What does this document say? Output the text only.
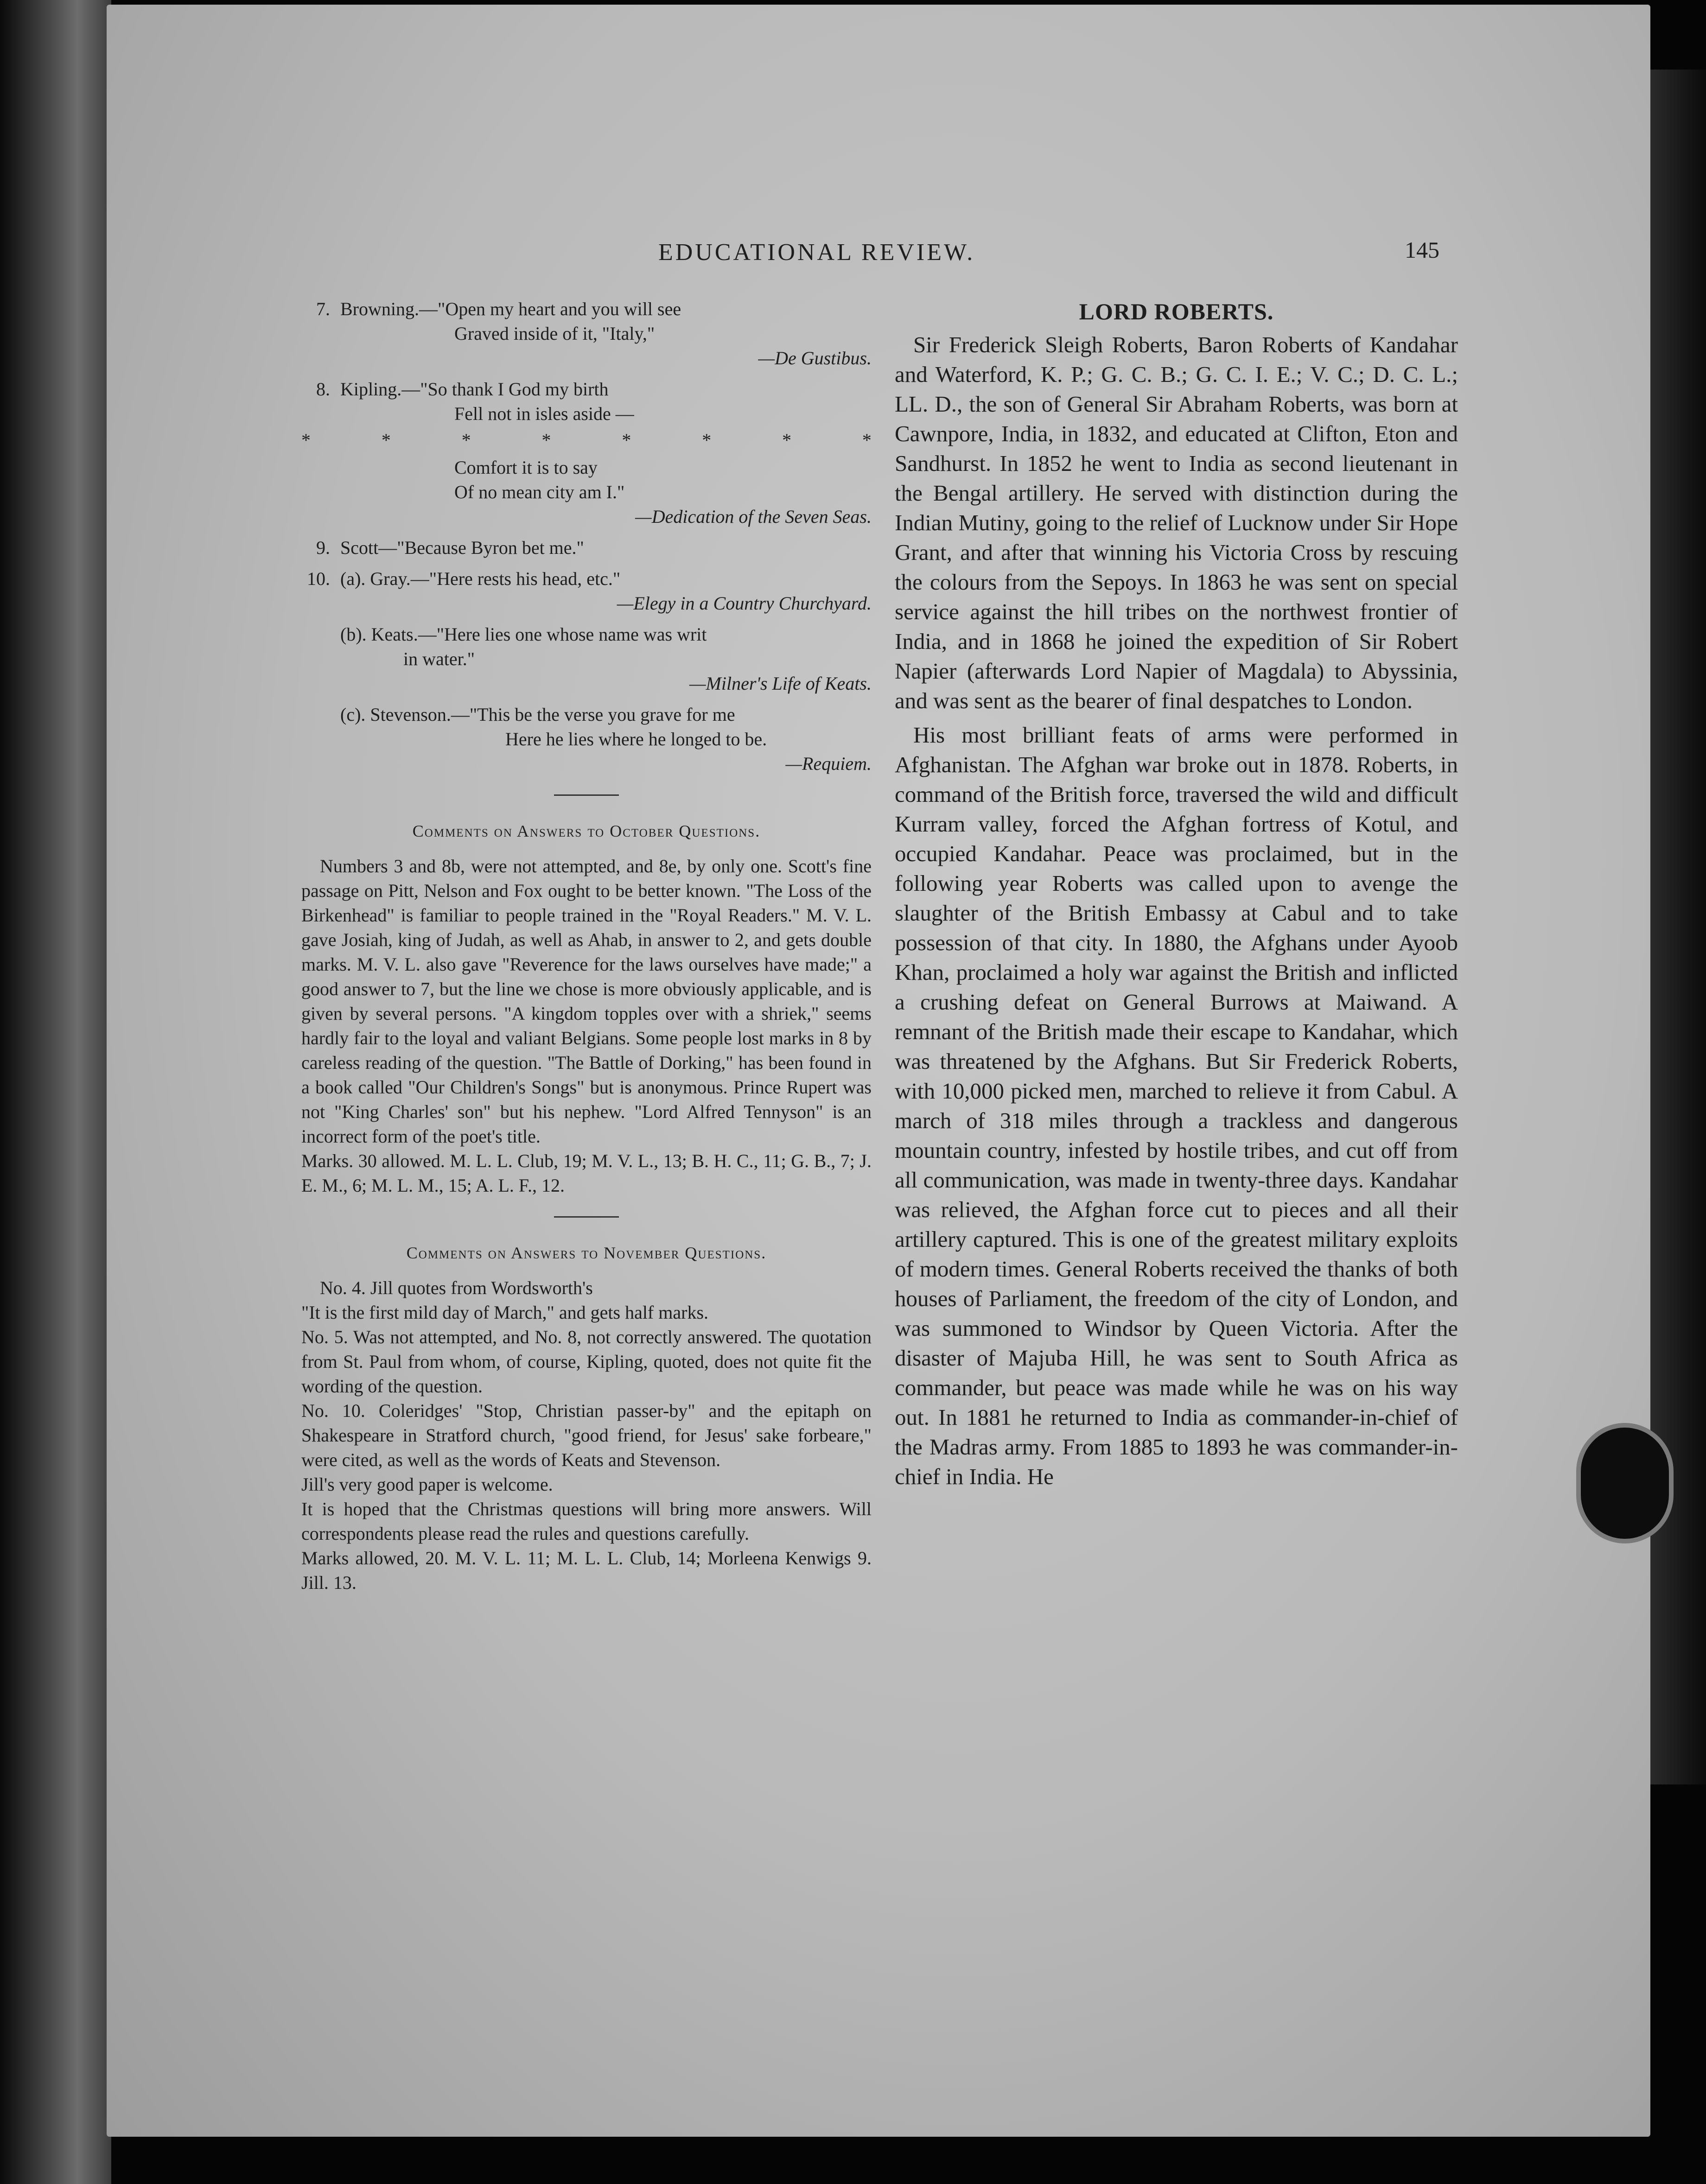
EDUCATIONAL REVIEW.	145
7. Browning.—"Open my heart and you will see
Graved inside of it, "Italy,"
—De Gustibus.
8. Kipling.—"So thank I God my birth
Fell not in isles aside —
*	*	*	*	*	*	*	*
Comfort it is to say
Of no mean city am I."
—Dedication of the Seven Seas.
9. Scott—"Because Byron bet me."
10. (a). Gray.—"Here rests his head, etc."
—Elegy in a Country Churchyard.
(b). Keats.—"Here lies one whose name was writ
in water."
—Milner's Life of Keats.
(c). Stevenson.—"This be the verse you grave for me
Here he lies where he longed to be.
—Requiem.
Comments on Answers to October Questions.

Numbers 3 and 8b, were not attempted, and 8e, by only one. Scott's fine passage on Pitt, Nelson and Fox ought to be better known. "The Loss of the Birkenhead" is familiar to people trained in the "Royal Readers." M. V. L. gave Josiah, king of Judah, as well as Ahab, in answer to 2, and gets double marks. M. V. L. also gave "Reverence for the laws ourselves have made;" a good answer to 7, but the line we chose is more obviously applicable, and is given by several persons. "A kingdom topples over with a shriek," seems hardly fair to the loyal and valiant Belgians. Some people lost marks in 8 by careless reading of the question. "The Battle of Dorking," has been found in a book called "Our Children's Songs" but is anonymous. Prince Rupert was not "King Charles' son" but his nephew. "Lord Alfred Tennyson" is an incorrect form of the poet's title.

Marks. 30 allowed. M. L. L. Club, 19; M. V. L., 13; B. H. C., 11; G. B., 7; J. E. M., 6; M. L. M., 15; A. L. F., 12.

Comments on Answers to November Questions.

No. 4. Jill quotes from Wordsworth's

"It is the first mild day of March," and gets half marks.

No. 5. Was not attempted, and No. 8, not correctly answered. The quotation from St. Paul from whom, of course, Kipling, quoted, does not quite fit the wording of the question.

No. 10. Coleridges' "Stop, Christian passer-by" and the epitaph on Shakespeare in Stratford church, "good friend, for Jesus' sake forbeare," were cited, as well as the words of Keats and Stevenson.

Jill's very good paper is welcome.

It is hoped that the Christmas questions will bring more answers. Will correspondents please read the rules and questions carefully.

Marks allowed, 20. M. V. L. 11; M. L. L. Club, 14; Morleena Kenwigs 9. Jill. 13.

LORD ROBERTS.

Sir Frederick Sleigh Roberts, Baron Roberts of Kandahar and Waterford, K. P.; G. C. B.; G. C. I. E.; V. C.; D. C. L.; LL. D., the son of General Sir Abraham Roberts, was born at Cawnpore, India, in 1832, and educated at Clifton, Eton and Sandhurst. In 1852 he went to India as second lieutenant in the Bengal artillery. He served with distinction during the Indian Mutiny, going to the relief of Lucknow under Sir Hope Grant, and after that winning his Victoria Cross by rescuing the colours from the Sepoys. In 1863 he was sent on special service against the hill tribes on the northwest frontier of India, and in 1868 he joined the expedition of Sir Robert Napier (afterwards Lord Napier of Magdala) to Abyssinia, and was sent as the bearer of final despatches to London.

His most brilliant feats of arms were performed in Afghanistan. The Afghan war broke out in 1878. Roberts, in command of the British force, traversed the wild and difficult Kurram valley, forced the Afghan fortress of Kotul, and occupied Kandahar. Peace was proclaimed, but in the following year Roberts was called upon to avenge the slaughter of the British Embassy at Cabul and to take possession of that city. In 1880, the Afghans under Ayoob Khan, proclaimed a holy war against the British and inflicted a crushing defeat on General Burrows at Maiwand. A remnant of the British made their escape to Kandahar, which was threatened by the Afghans. But Sir Frederick Roberts, with 10,000 picked men, marched to relieve it from Cabul. A march of 318 miles through a trackless and dangerous mountain country, infested by hostile tribes, and cut off from all communication, was made in twenty-three days. Kandahar was relieved, the Afghan force cut to pieces and all their artillery captured. This is one of the greatest military exploits of modern times. General Roberts received the thanks of both houses of Parliament, the freedom of the city of London, and was summoned to Windsor by Queen Victoria. After the disaster of Majuba Hill, he was sent to South Africa as commander, but peace was made while he was on his way out. In 1881 he returned to India as commander-in-chief of the Madras army. From 1885 to 1893 he was commander-in-chief in India. He
